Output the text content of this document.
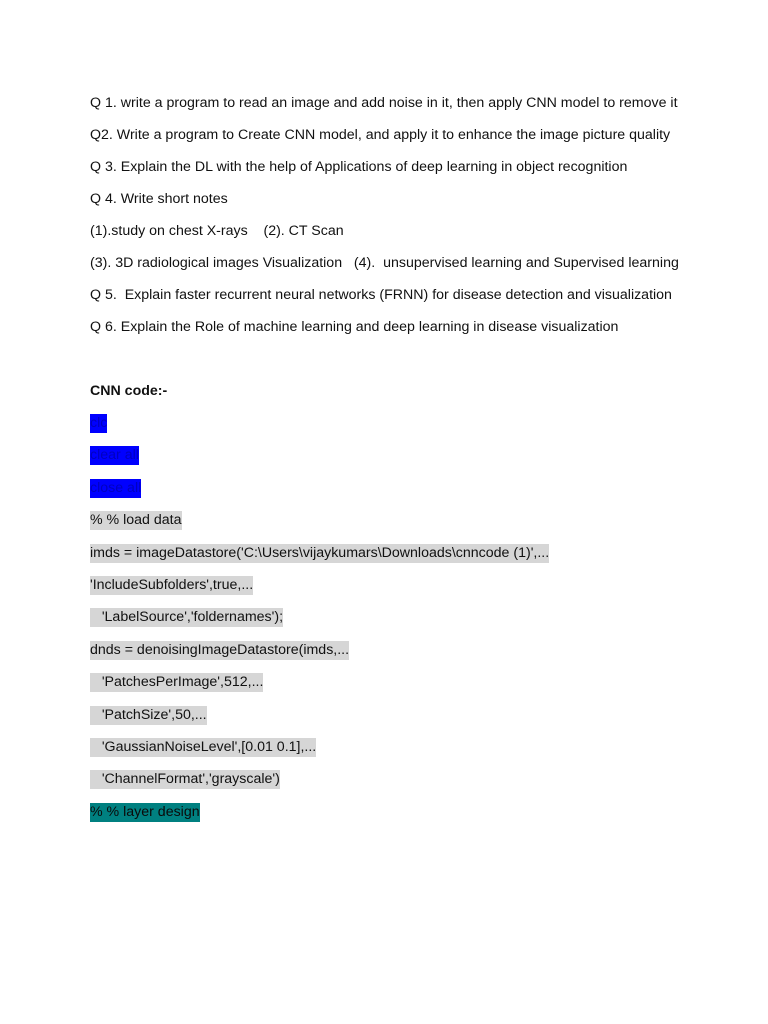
Q 1. write a program to read an image and add noise in it, then apply CNN model to remove it

Q2. Write a program to Create CNN model, and apply it to enhance the image picture quality

Q 3. Explain the DL with the help of Applications of deep learning in object recognition

Q 4. Write short notes

(1).study on chest X-rays    (2). CT Scan

(3). 3D radiological images Visualization   (4).  unsupervised learning and Supervised learning

Q 5.  Explain faster recurrent neural networks (FRNN) for disease detection and visualization

Q 6. Explain the Role of machine learning and deep learning in disease visualization

CNN code:-

clc
clear all
close all
% % load data
imds = imageDatastore('C:\Users\vijaykumars\Downloads\cnncode (1)',...
'IncludeSubfolders',true,...
'LabelSource','foldernames');
dnds = denoisingImageDatastore(imds,...
'PatchesPerImage',512,...
'PatchSize',50,...
'GaussianNoiseLevel',[0.01 0.1],...
'ChannelFormat','grayscale')
% % layer design
